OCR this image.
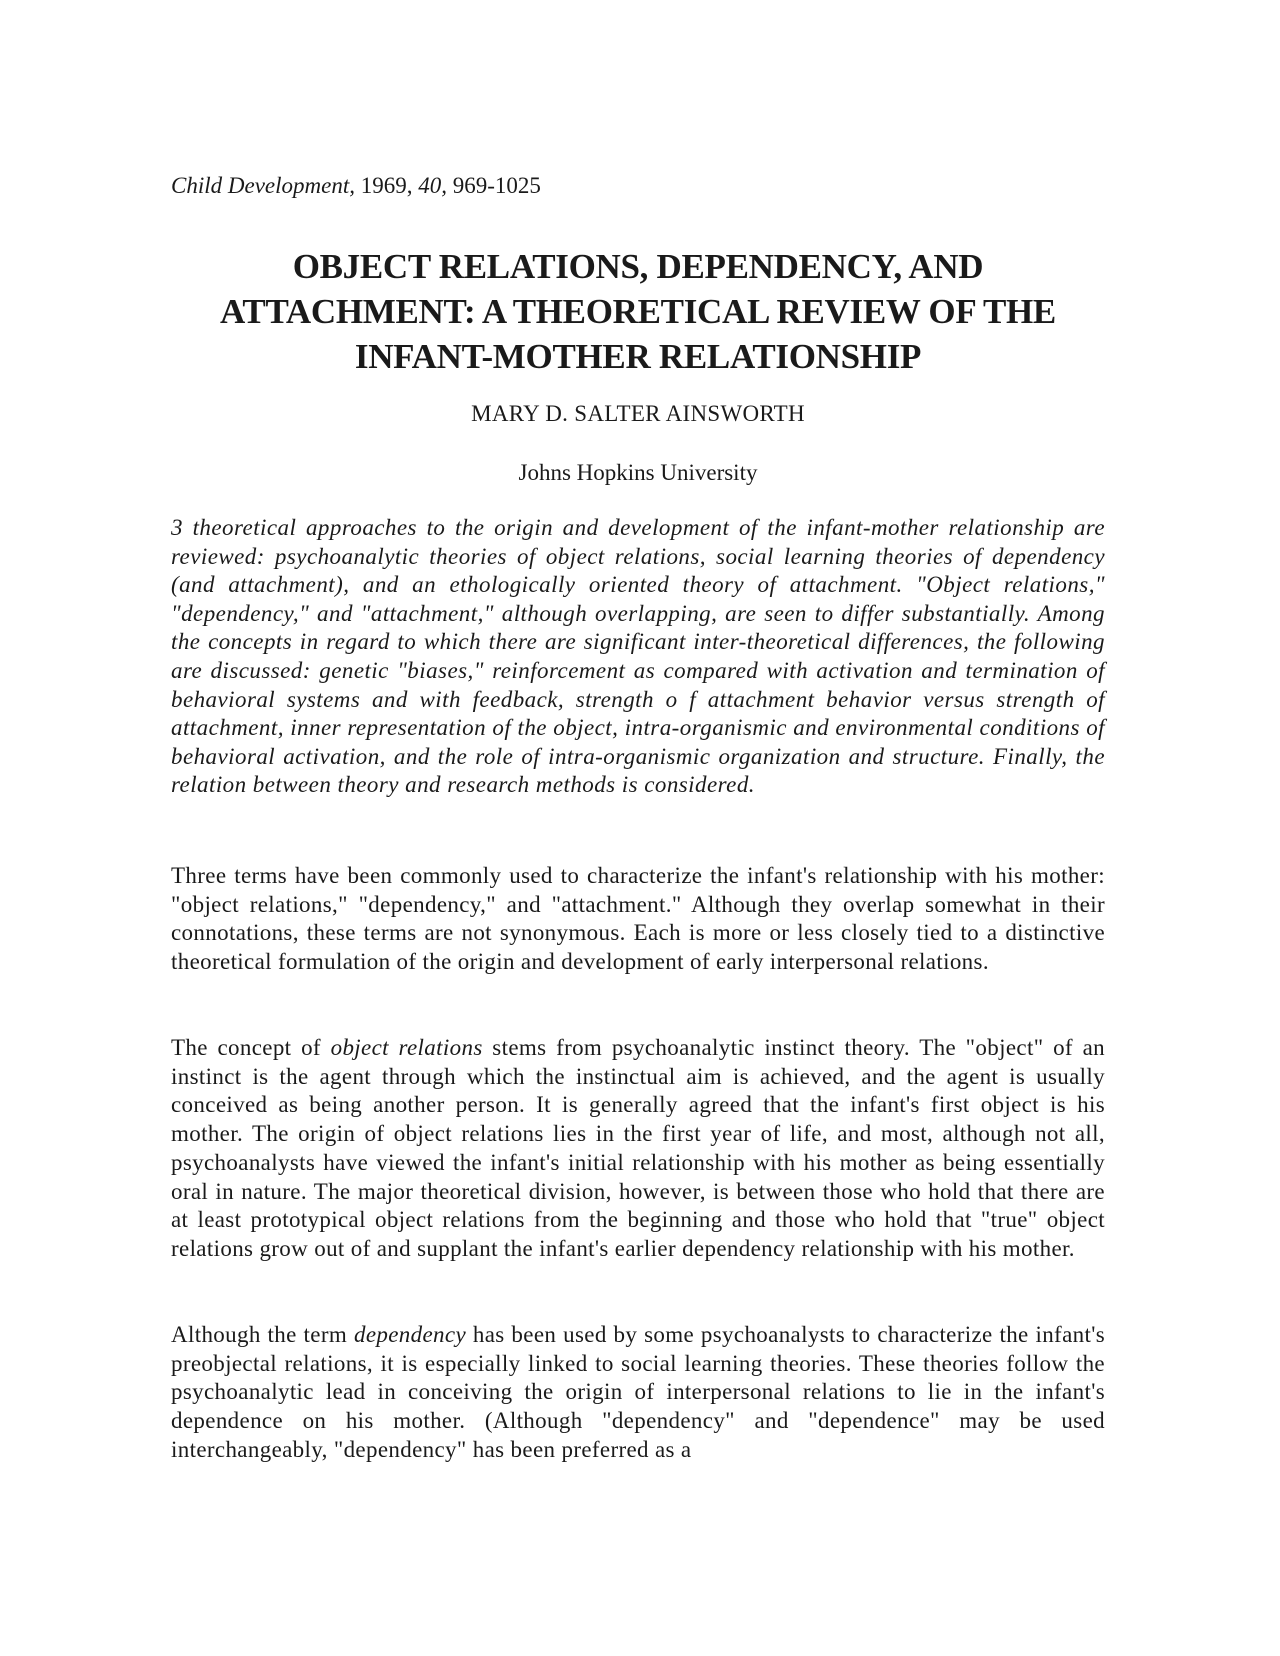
Child Development, 1969, 40, 969-1025
OBJECT RELATIONS, DEPENDENCY, AND
ATTACHMENT: A THEORETICAL REVIEW OF THE
INFANT-MOTHER RELATIONSHIP
MARY D. SALTER AINSWORTH
Johns Hopkins University

3 theoretical approaches to the origin and development of the infant-mother relationship are reviewed: psychoanalytic theories of object relations, social learning theories of dependency (and attachment), and an ethologically oriented theory of attachment. "Object relations," "dependency," and "attachment," although overlapping, are seen to differ substantially. Among the concepts in regard to which there are significant inter-theoretical differences, the following are discussed: genetic "biases," reinforcement as compared with activation and termination of behavioral systems and with feedback, strength o f attachment behavior versus strength of attachment, inner representation of the object, intra-organismic and environmental conditions of behavioral activation, and the role of intra-organismic organization and structure. Finally, the relation between theory and research methods is considered.

Three terms have been commonly used to characterize the infant's relationship with his mother: "object relations," "dependency," and "attachment." Although they overlap somewhat in their connotations, these terms are not synonymous. Each is more or less closely tied to a distinctive theoretical formulation of the origin and development of early interpersonal relations.

The concept of object relations stems from psychoanalytic instinct theory. The "object" of an instinct is the agent through which the instinctual aim is achieved, and the agent is usually conceived as being another person. It is generally agreed that the infant's first object is his mother. The origin of object relations lies in the first year of life, and most, although not all, psychoanalysts have viewed the infant's initial relationship with his mother as being essentially oral in nature. The major theoretical division, however, is between those who hold that there are at least prototypical object relations from the beginning and those who hold that "true" object relations grow out of and supplant the infant's earlier dependency relationship with his mother.

Although the term dependency has been used by some psychoanalysts to characterize the infant's preobjectal relations, it is especially linked to social learning theories. These theories follow the psychoanalytic lead in conceiving the origin of interpersonal relations to lie in the infant's dependence on his mother. (Although "dependency" and "dependence" may be used interchangeably, "dependency" has been preferred as a
